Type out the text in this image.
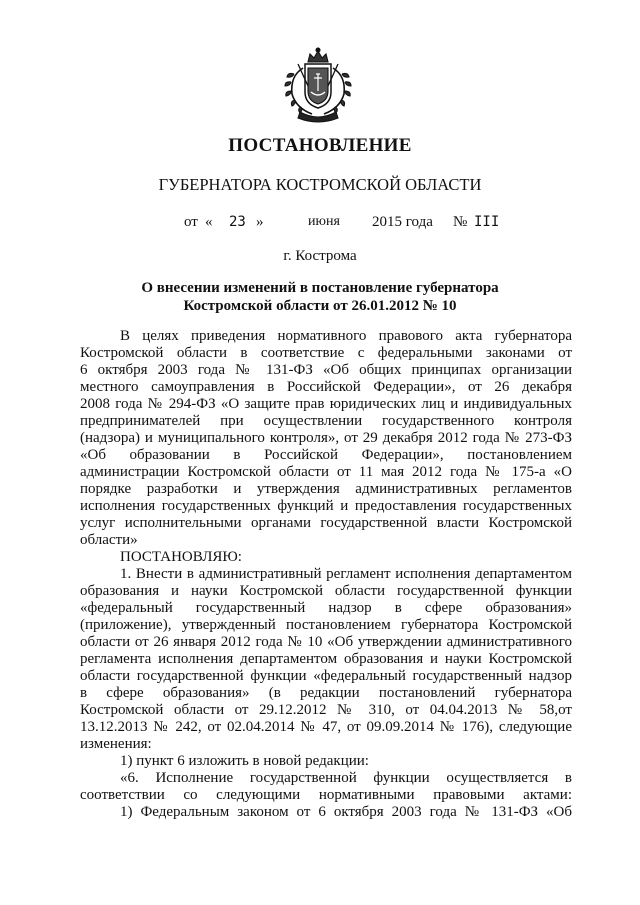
ПОСТАНОВЛЕНИЕ
ГУБЕРНАТОРА КОСТРОМСКОЙ ОБЛАСТИ
от « 23 »	июня 2015 года № III
г. Кострома
О внесении изменений в постановление губернатора
Костромской области от 26.01.2012 № 10
В целях приведения нормативного правового акта губернатора
Костромской области в соответствие с федеральными законами от
6 октября 2003 года № 131-ФЗ «Об общих принципах организации
местного самоуправления в Российской Федерации», от 26 декабря
2008 года № 294-ФЗ «О защите прав юридических лиц и индивидуальных
предпринимателей при осуществлении государственного контроля
(надзора) и муниципального контроля», от 29 декабря 2012 года № 273-ФЗ
«Об образовании в Российской Федерации», постановлением
администрации Костромской области от 11 мая 2012 года № 175-а «О
порядке разработки и утверждения административных регламентов
исполнения государственных функций и предоставления государственных
услуг исполнительными органами государственной власти Костромской
области»
ПОСТАНОВЛЯЮ:
1. Внести в административный регламент исполнения департаментом
образования и науки Костромской области государственной функции
«федеральный государственный надзор в сфере образования»
(приложение), утвержденный постановлением губернатора Костромской
области от 26 января 2012 года № 10 «Об утверждении административного
регламента исполнения департаментом образования и науки Костромской
области государственной функции «федеральный государственный надзор
в сфере образования» (в редакции постановлений губернатора
Костромской области от 29.12.2012 № 310, от 04.04.2013 № 58,от
13.12.2013 № 242, от 02.04.2014 № 47, от 09.09.2014 № 176), следующие
изменения:
1) пункт 6 изложить в новой редакции:
«6. Исполнение государственной функции осуществляется в
соответствии со следующими нормативными правовыми актами:
1) Федеральным законом от 6 октября 2003 года № 131-ФЗ «Об
